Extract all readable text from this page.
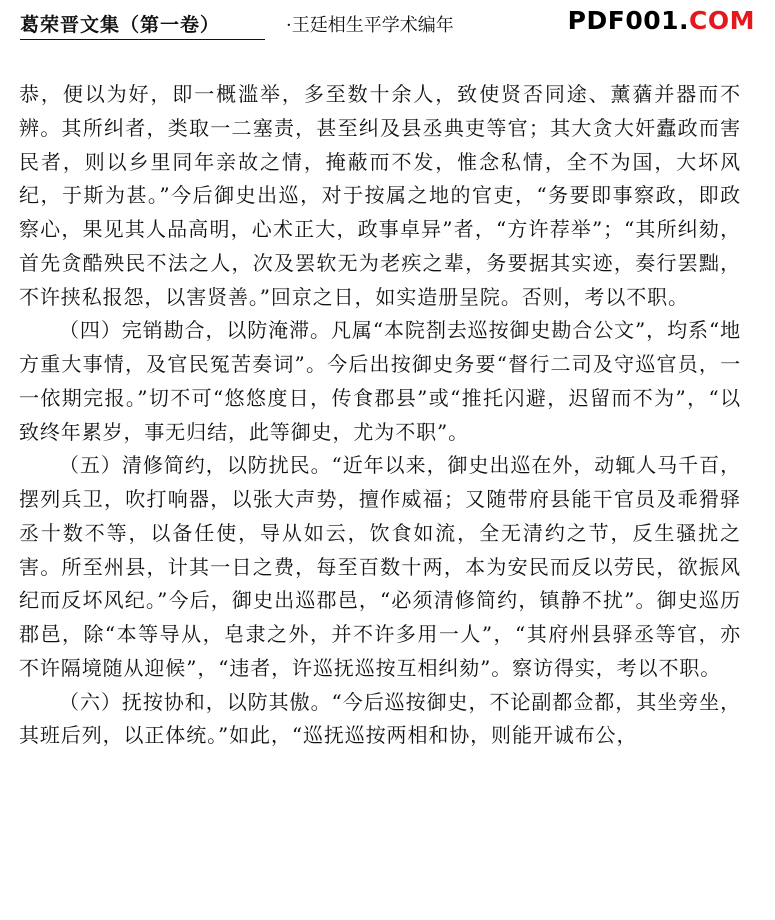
葛荣晋文集（第一卷）	·王廷相生平学术编年	PDF001.COM

恭，便以为好，即一概滥举，多至数十余人，致使贤否同途、薰蕕并器而不辨。其所纠者，类取一二塞责，甚至纠及县丞典吏等官；其大贪大奸蠹政而害民者，则以乡里同年亲故之情，掩蔽而不发，惟念私情，全不为国，大坏风纪，于斯为甚。”今后御史出巡，对于按属之地的官吏，“务要即事察政，即政察心，果见其人品高明，心术正大，政事卓异”者，“方许荐举”；“其所纠劾，首先贪酷殃民不法之人，次及罢软无为老疾之辈，务要据其实迹，奏行罢黜，不许挟私报怨，以害贤善。”回京之日，如实造册呈院。否则，考以不职。

（四）完销勘合，以防淹滞。凡属“本院剳去巡按御史勘合公文”，均系“地方重大事情，及官民冤苦奏词”。今后出按御史务要“督行二司及守巡官员，一一依期完报。”切不可“悠悠度日，传食郡县”或“推托闪避，迟留而不为”，“以致终年累岁，事无归结，此等御史，尤为不职”。

（五）清修简约，以防扰民。“近年以来，御史出巡在外，动辄人马千百，摆列兵卫，吹打响器，以张大声势，擅作威福；又随带府县能干官员及乖猾驿丞十数不等，以备任使，导从如云，饮食如流，全无清约之节，反生骚扰之害。所至州县，计其一日之费，每至百数十两，本为安民而反以劳民，欲振风纪而反坏风纪。”今后，御史出巡郡邑，“必须清修简约，镇静不扰”。御史巡历郡邑，除“本等导从，皂隶之外，并不许多用一人”，“其府州县驿丞等官，亦不许隔境随从迎候”，“违者，许巡抚巡按互相纠劾”。察访得实，考以不职。

（六）抚按协和，以防其傲。“今后巡按御史，不论副都佥都，其坐旁坐，其班后列，以正体统。”如此，“巡抚巡按两相和协，则能开诚布公，
